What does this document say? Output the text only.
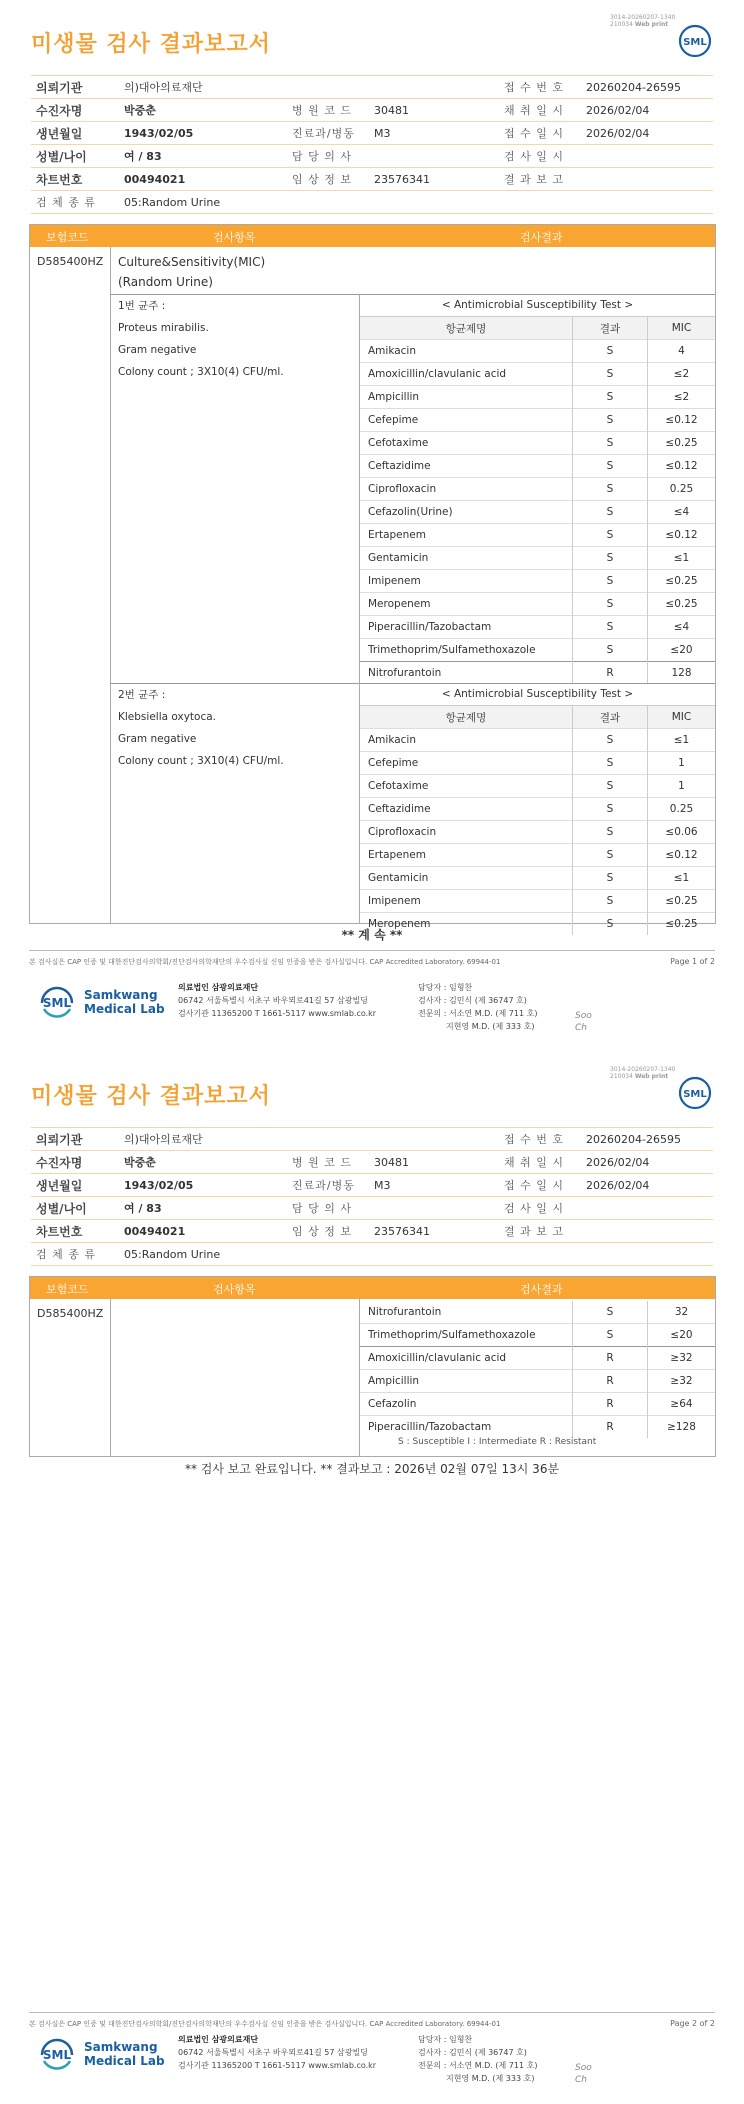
3014-20260207-1340
210034 Web print
미생물 검사 결과보고서	SML
의뢰기관	의)대아의료재단			접 수 번 호	20260204-26595
수진자명	박중춘	병 원 코 드	30481	채 취 일 시	2026/02/04
생년월일	1943/02/05	진료과/병동	M3	접 수 일 시	2026/02/04
성별/나이	여 / 83	담 당 의 사		검 사 일 시	
차트번호	00494021	임 상 정 보	23576341	결 과 보 고	
검 체 종 류	05:Random Urine				
보험코드	검사항목	검사결과
D585400HZ Culture&Sensitivity(MIC)
(Random Urine)
1번 균주 :
Proteus mirabilis.
Gram negative
Colony count ; 3X10(4) CFU/ml.
< Antimicrobial Susceptibility Test >		
항균제명	결과	MIC
Amikacin	S	4
Amoxicillin/clavulanic acid	S	≤2
Ampicillin	S	≤2
Cefepime	S	≤0.12
Cefotaxime	S	≤0.25
Ceftazidime	S	≤0.12
Ciprofloxacin	S	0.25
Cefazolin(Urine)	S	≤4
Ertapenem	S	≤0.12
Gentamicin	S	≤1
Imipenem	S	≤0.25
Meropenem	S	≤0.25
Piperacillin/Tazobactam	S	≤4
Trimethoprim/Sulfamethoxazole	S	≤20
Nitrofurantoin	R	128
2번 균주 :
Klebsiella oxytoca.
Gram negative
Colony count ; 3X10(4) CFU/ml.
< Antimicrobial Susceptibility Test >		
항균제명	결과	MIC
Amikacin	S	≤1
Cefepime	S	1
Cefotaxime	S	1
Ceftazidime	S	0.25
Ciprofloxacin	S	≤0.06
Ertapenem	S	≤0.12
Gentamicin	S	≤1
Imipenem	S	≤0.25
Meropenem	S	≤0.25
** 계 속 **
본 검사실은 CAP 인증 및 대한진단검사의학회/진단검사의학재단의 우수검사실 신임 인증을 받은 검사실입니다. CAP Accredited Laboratory. 69944-01	Page 1 of 2
SML
Samkwang
Medical Lab
의료법인 삼광의료재단
06742 서울특별시 서초구 바우뫼로41길 57 삼광빌딩
검사기관 11365200 T 1661-5117 www.smlab.co.kr
담당자 : 임형찬
검사자 : 김민식 (제 36747 호)
전문의 : 서소연 M.D. (제 711 호)
지현영 M.D. (제 333 호)
Soo
Ch
3014-20260207-1340
210034 Web print
미생물 검사 결과보고서	SML
의뢰기관	의)대아의료재단			접 수 번 호	20260204-26595
수진자명	박중춘	병 원 코 드	30481	채 취 일 시	2026/02/04
생년월일	1943/02/05	진료과/병동	M3	접 수 일 시	2026/02/04
성별/나이	여 / 83	담 당 의 사		검 사 일 시	
차트번호	00494021	임 상 정 보	23576341	결 과 보 고	
검 체 종 류	05:Random Urine				
보험코드	검사항목	검사결과
D585400HZ	Nitrofurantoin	S	32
Trimethoprim/Sulfamethoxazole	S	≤20
Amoxicillin/clavulanic acid	R	≥32
Ampicillin	R	≥32
Cefazolin	R	≥64
Piperacillin/Tazobactam	R	≥128
S : Susceptible I : Intermediate R : Resistant
** 검사 보고 완료입니다. ** 결과보고 : 2026년 02월 07일 13시 36분
본 검사실은 CAP 인증 및 대한진단검사의학회/진단검사의학재단의 우수검사실 신임 인증을 받은 검사실입니다. CAP Accredited Laboratory. 69944-01	Page 2 of 2
SML
Samkwang
Medical Lab
의료법인 삼광의료재단
06742 서울특별시 서초구 바우뫼로41길 57 삼광빌딩
검사기관 11365200 T 1661-5117 www.smlab.co.kr
담당자 : 임형찬
검사자 : 김민식 (제 36747 호)
전문의 : 서소연 M.D. (제 711 호)
지현영 M.D. (제 333 호)
Soo
Ch
